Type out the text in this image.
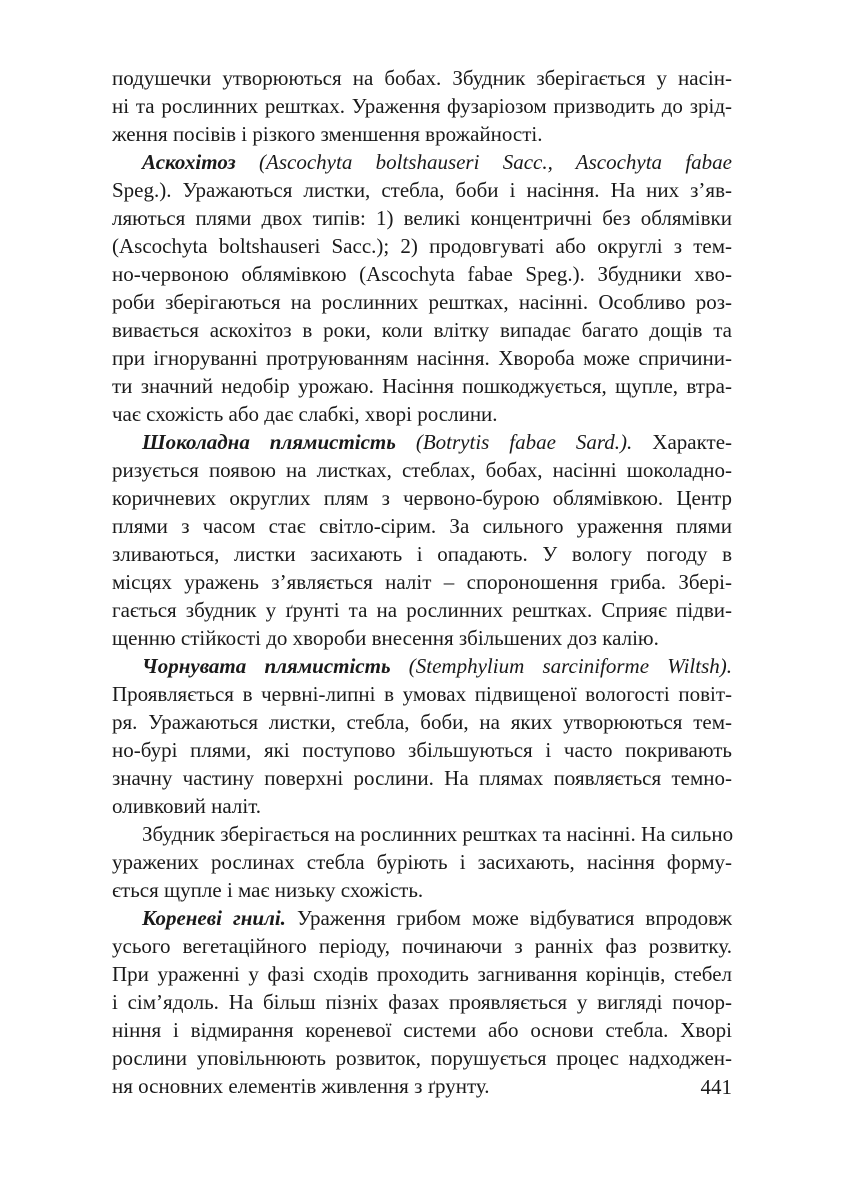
подушечки утворюються на бобах. Збудник зберігається у насін-
ні та рослинних рештках. Ураження фузаріозом призводить до зрід-
ження посівів і різкого зменшення врожайності.
Аскохітоз (Ascochyta boltshauseri Sacc., Ascochyta fabae
Speg.). Уражаються листки, стебла, боби і насіння. На них з’яв-
ляються плями двох типів: 1) великі концентричні без облямівки
(Ascochyta boltshauseri Sacc.); 2) продовгуваті або округлі з тем-
но-червоною облямівкою (Ascochyta fabae Speg.). Збудники хво-
роби зберігаються на рослинних рештках, насінні. Особливо роз-
вивається аскохітоз в роки, коли влітку випадає багато дощів та
при ігноруванні протруюванням насіння. Хвороба може спричини-
ти значний недобір урожаю. Насіння пошкоджується, щупле, втра-
чає схожість або дає слабкі, хворі рослини.
Шоколадна плямистість (Botrytis fabae Sard.). Характе-
ризується появою на листках, стеблах, бобах, насінні шоколадно-
коричневих округлих плям з червоно-бурою облямівкою. Центр
плями з часом стає світло-сірим. За сильного ураження плями
зливаються, листки засихають і опадають. У вологу погоду в
місцях уражень з’являється наліт – спороношення гриба. Збері-
гається збудник у ґрунті та на рослинних рештках. Сприяє підви-
щенню стійкості до хвороби внесення збільшених доз калію.
Чорнувата плямистість (Stemphylium sarciniforme Wiltsh).
Проявляється в червні-липні в умовах підвищеної вологості повіт-
ря. Уражаються листки, стебла, боби, на яких утворюються тем-
но-бурі плями, які поступово збільшуються і часто покривають
значну частину поверхні рослини. На плямах появляється темно-
оливковий наліт.
Збудник зберігається на рослинних рештках та насінні. На сильно
уражених рослинах стебла буріють і засихають, насіння форму-
ється щупле і має низьку схожість.
Кореневі гнилі. Ураження грибом може відбуватися впродовж
усього вегетаційного періоду, починаючи з ранніх фаз розвитку.
При ураженні у фазі сходів проходить загнивання корінців, стебел
і сім’ядоль. На більш пізніх фазах проявляється у вигляді почор-
ніння і відмирання кореневої системи або основи стебла. Хворі
рослини уповільнюють розвиток, порушується процес надходжен-
ня основних елементів живлення з ґрунту.	441
